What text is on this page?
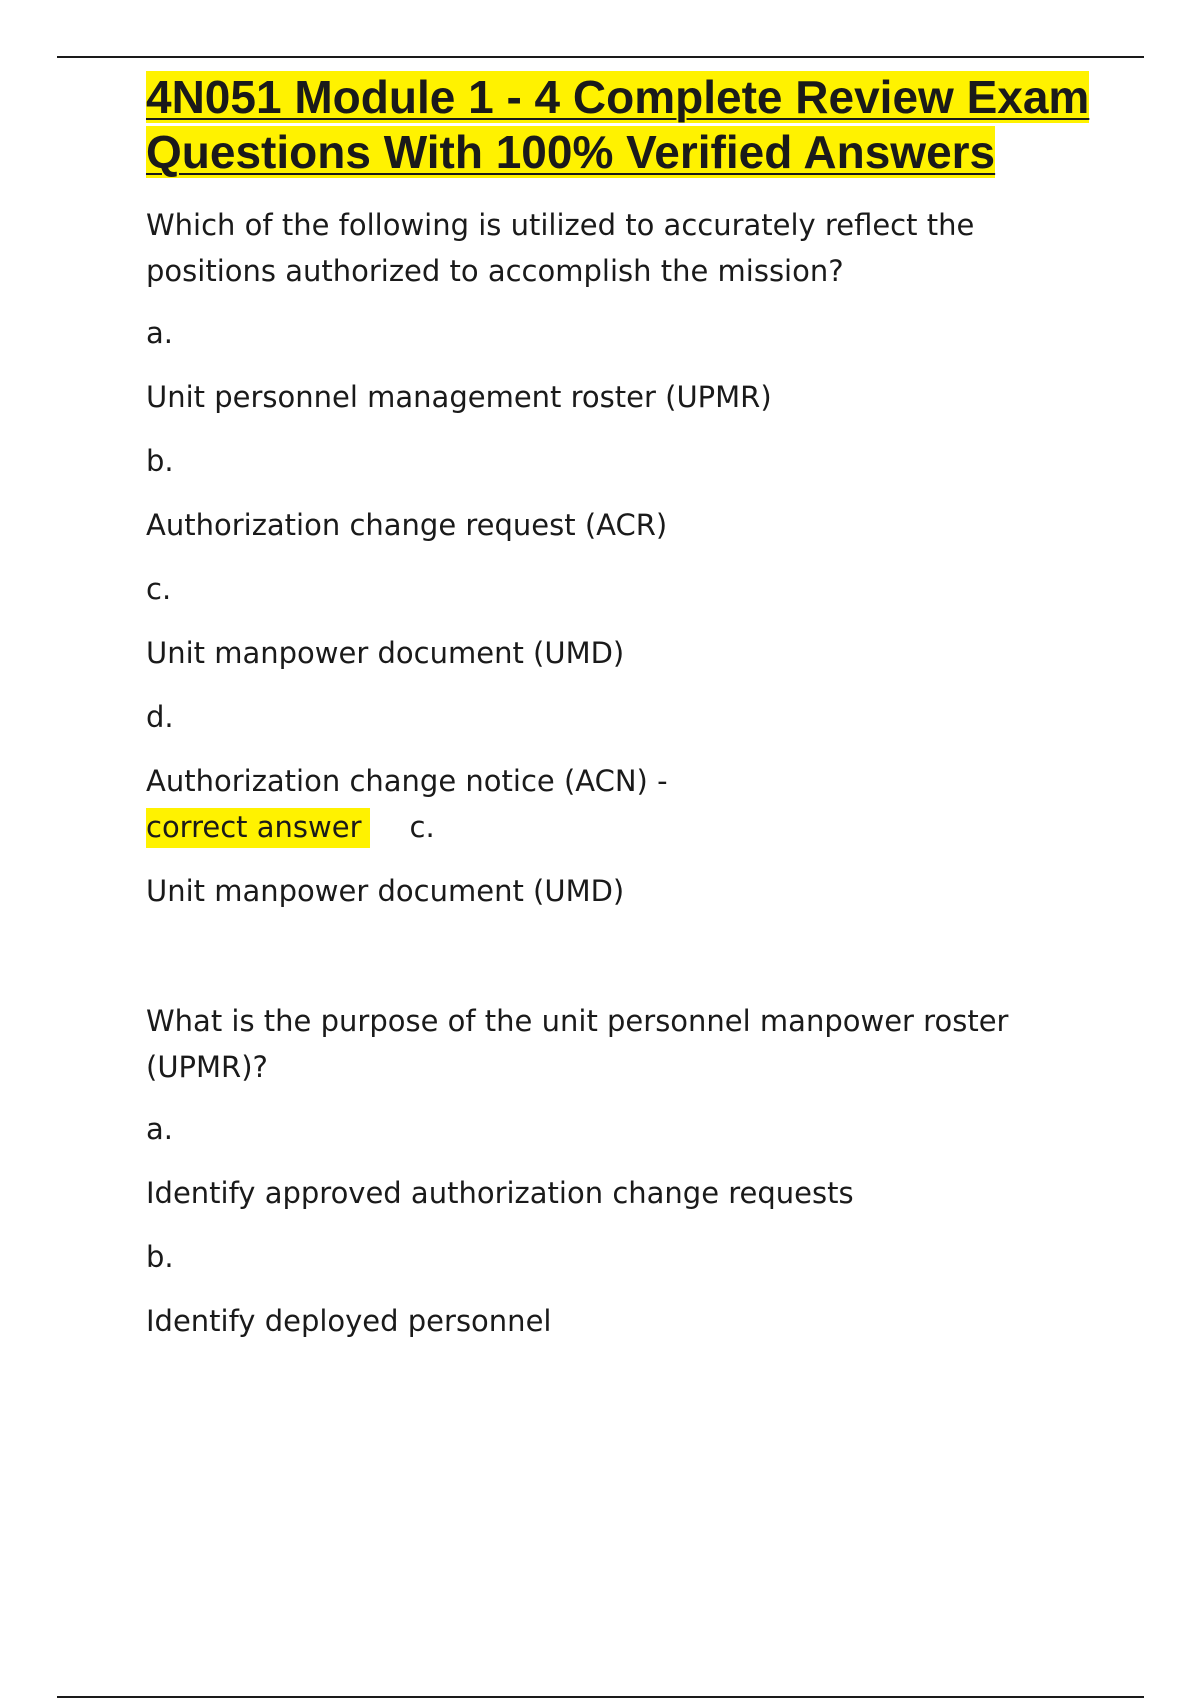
4N051 Module 1 - 4 Complete Review Exam Questions With 100% Verified Answers

Which of the following is utilized to accurately reflect the positions authorized to accomplish the mission?

a.

Unit personnel management roster (UPMR)

b.

Authorization change request (ACR)

c.

Unit manpower document (UMD)

d.

Authorization change notice (ACN) -

correct answer c.

Unit manpower document (UMD)

What is the purpose of the unit personnel manpower roster (UPMR)?

a.

Identify approved authorization change requests

b.

Identify deployed personnel
